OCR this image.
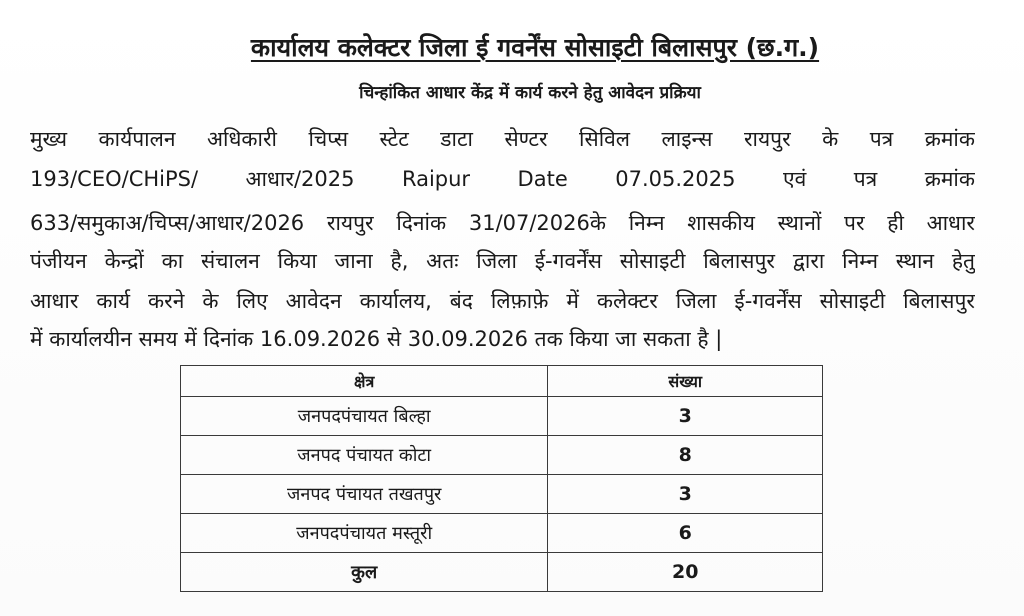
कार्यालय कलेक्टर जिला ई गवर्नेंस सोसाइटी बिलासपुर (छ.ग.)
चिन्हांकित आधार केंद्र में कार्य करने हेतु आवेदन प्रक्रिया
मुख्य कार्यपालन अधिकारी चिप्स स्टेट डाटा सेण्टर सिविल लाइन्स रायपुर के पत्र क्रमांक
193/CEO/CHiPS/ आधार/2025 Raipur Date 07.05.2025 एवं पत्र क्रमांक
633/समुकाअ/चिप्स/आधार/2026 रायपुर दिनांक 31/07/2026के निम्न शासकीय स्थानों पर ही आधार
पंजीयन केन्द्रों का संचालन किया जाना है, अतः जिला ई-गवर्नेंस सोसाइटी बिलासपुर द्वारा निम्न स्थान हेतु
आधार कार्य करने के लिए आवेदन कार्यालय, बंद लिफ़ाफ़े में कलेक्टर जिला ई-गवर्नेंस सोसाइटी बिलासपुर
में कार्यालयीन समय में दिनांक 16.09.2026 से 30.09.2026 तक किया जा सकता है |
क्षेत्र	संख्या
जनपदपंचायत बिल्हा	3
जनपद पंचायत कोटा	8
जनपद पंचायत तखतपुर	3
जनपदपंचायत मस्तूरी	6
कुल	20
